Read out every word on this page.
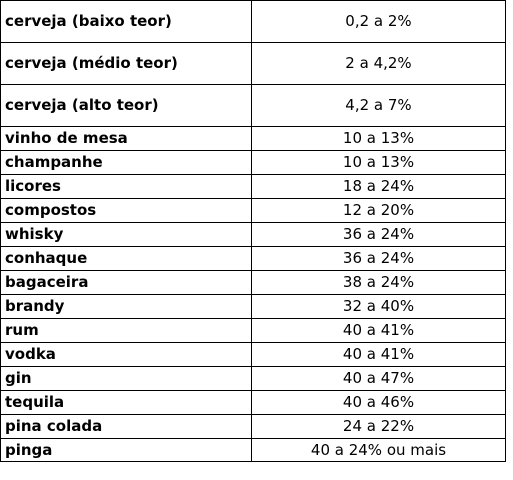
cerveja (baixo teor)	0,2 a 2%
cerveja (médio teor)	2 a 4,2%
cerveja (alto teor)	4,2 a 7%
vinho de mesa	10 a 13%
champanhe	10 a 13%
licores	18 a 24%
compostos	12 a 20%
whisky	36 a 24%
conhaque	36 a 24%
bagaceira	38 a 24%
brandy	32 a 40%
rum	40 a 41%
vodka	40 a 41%
gin	40 a 47%
tequila	40 a 46%
pina colada	24 a 22%
pinga	40 a 24% ou mais
